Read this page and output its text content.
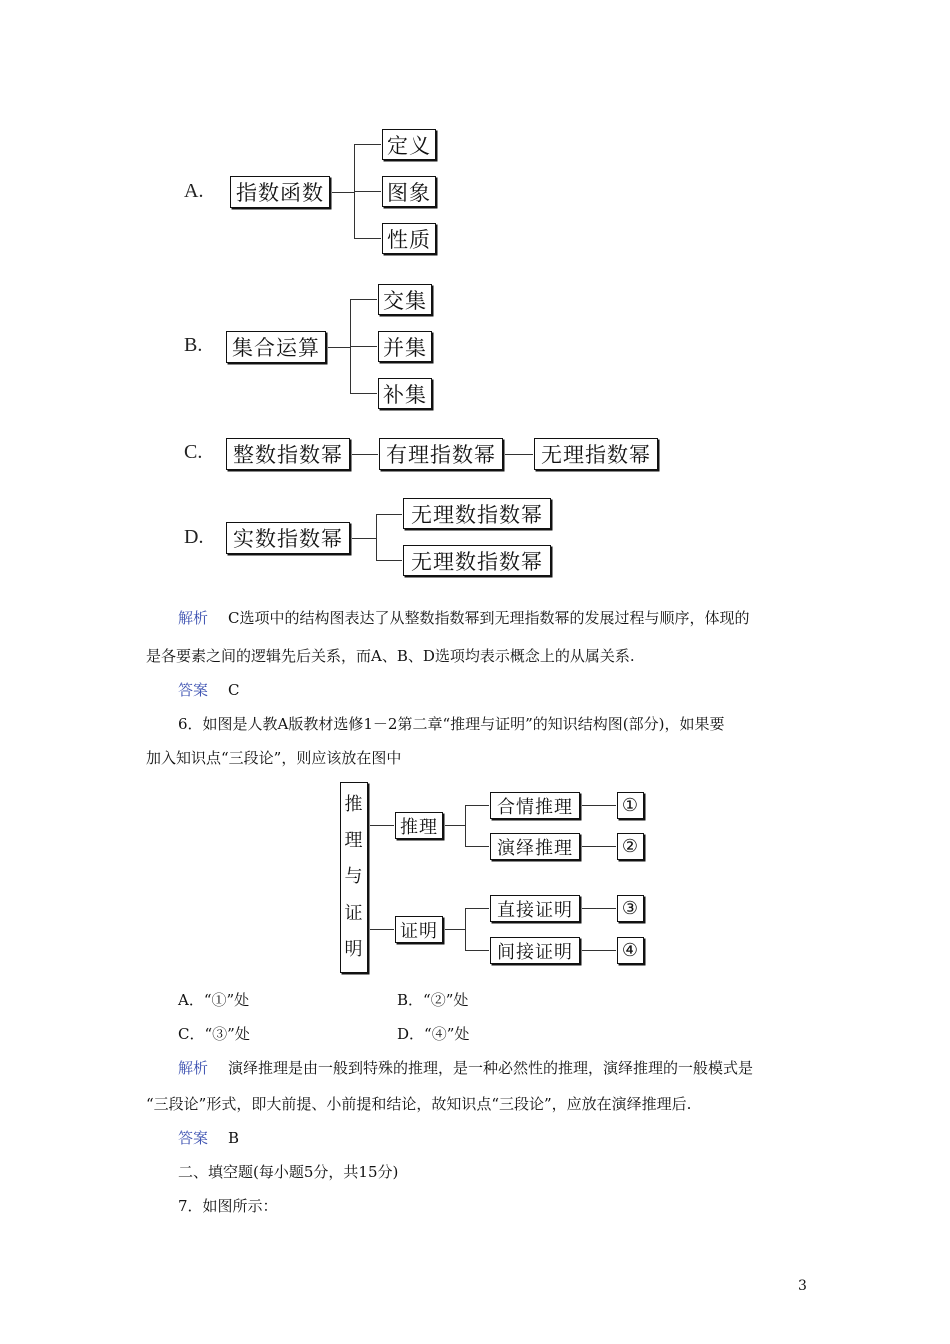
A. 指数函数
定义
图象
性质
B. 集合运算
交集
并集
补集
C.	整数指数幂	有理指数幂	无理指数幂
D.	实数指数幂
无理数指数幂
无理数指数幂
解析 C选项中的结构图表达了从整数指数幂到无理指数幂的发展过程与顺序，体现的
是各要素之间的逻辑先后关系，而A、B、D选项均表示概念上的从属关系.
答案 C
6．如图是人教A版教材选修1－2第二章“推理与证明”的知识结构图(部分)，如果要
加入知识点“三段论”，则应该放在图中
推
理
与
证
明
推理
证明
合情推理
演绎推理
直接证明
间接证明
①
②
③
④
A．“①”处	B．“②”处
C．“③”处	D．“④”处
解析 演绎推理是由一般到特殊的推理，是一种必然性的推理，演绎推理的一般模式是
“三段论”形式，即大前提、小前提和结论，故知识点“三段论”，应放在演绎推理后.
答案 B
二、填空题(每小题5分，共15分)
7．如图所示：
3
